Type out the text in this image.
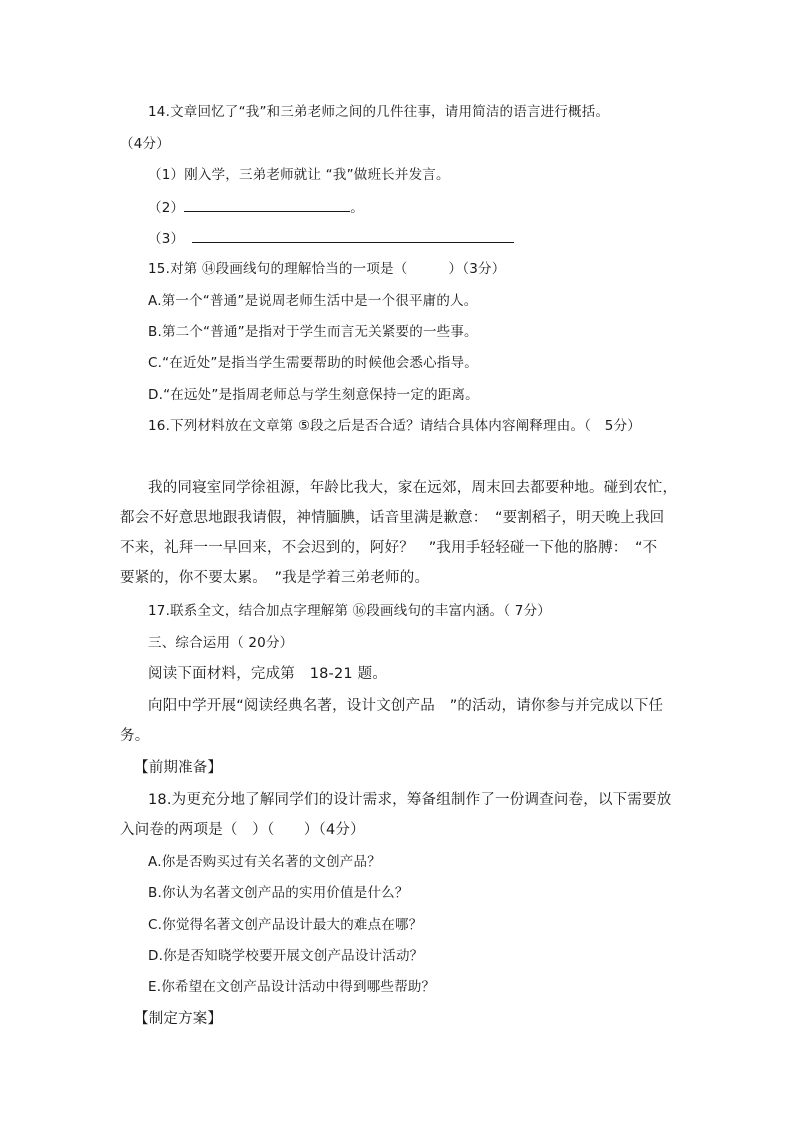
14.文章回忆了“我”和三弟老师之间的几件往事，请用简洁的语言进行概括。
（4分）
（1）刚入学，三弟老师就让 “我”做班长并发言。
（2）	。
（3）
15.对第 ⑭段画线句的理解恰当的一项是（　　　）（3分）
A.第一个“普通”是说周老师生活中是一个很平庸的人。
B.第二个“普通”是指对于学生而言无关紧要的一些事。
C.“在近处”是指当学生需要帮助的时候他会悉心指导。
D.“在远处”是指周老师总与学生刻意保持一定的距离。
16.下列材料放在文章第 ⑤段之后是否合适？请结合具体内容阐释理由。（　5分）
我的同寝室同学徐祖源，年龄比我大，家在远郊，周末回去都要种地。碰到农忙，
都会不好意思地跟我请假，神情腼腆，话音里满是歉意：　“要割稻子，明天晚上我回
不来，礼拜一一早回来，不会迟到的，阿好？　”我用手轻轻碰一下他的胳膊：　“不
要紧的，你不要太累。　”我是学着三弟老师的。
17.联系全文，结合加点字理解第 ⑯段画线句的丰富内涵。（ 7分）
三、综合运用（ 20分）
阅读下面材料，完成第　18-21 题。
向阳中学开展“阅读经典名著，设计文创产品　”的活动，请你参与并完成以下任
务。
【前期准备】
18.为更充分地了解同学们的设计需求，筹备组制作了一份调查问卷，以下需要放
入问卷的两项是（　）（　　）（4分）
A.你是否购买过有关名著的文创产品？
B.你认为名著文创产品的实用价值是什么？
C.你觉得名著文创产品设计最大的难点在哪？
D.你是否知晓学校要开展文创产品设计活动？
E.你希望在文创产品设计活动中得到哪些帮助？
【制定方案】
